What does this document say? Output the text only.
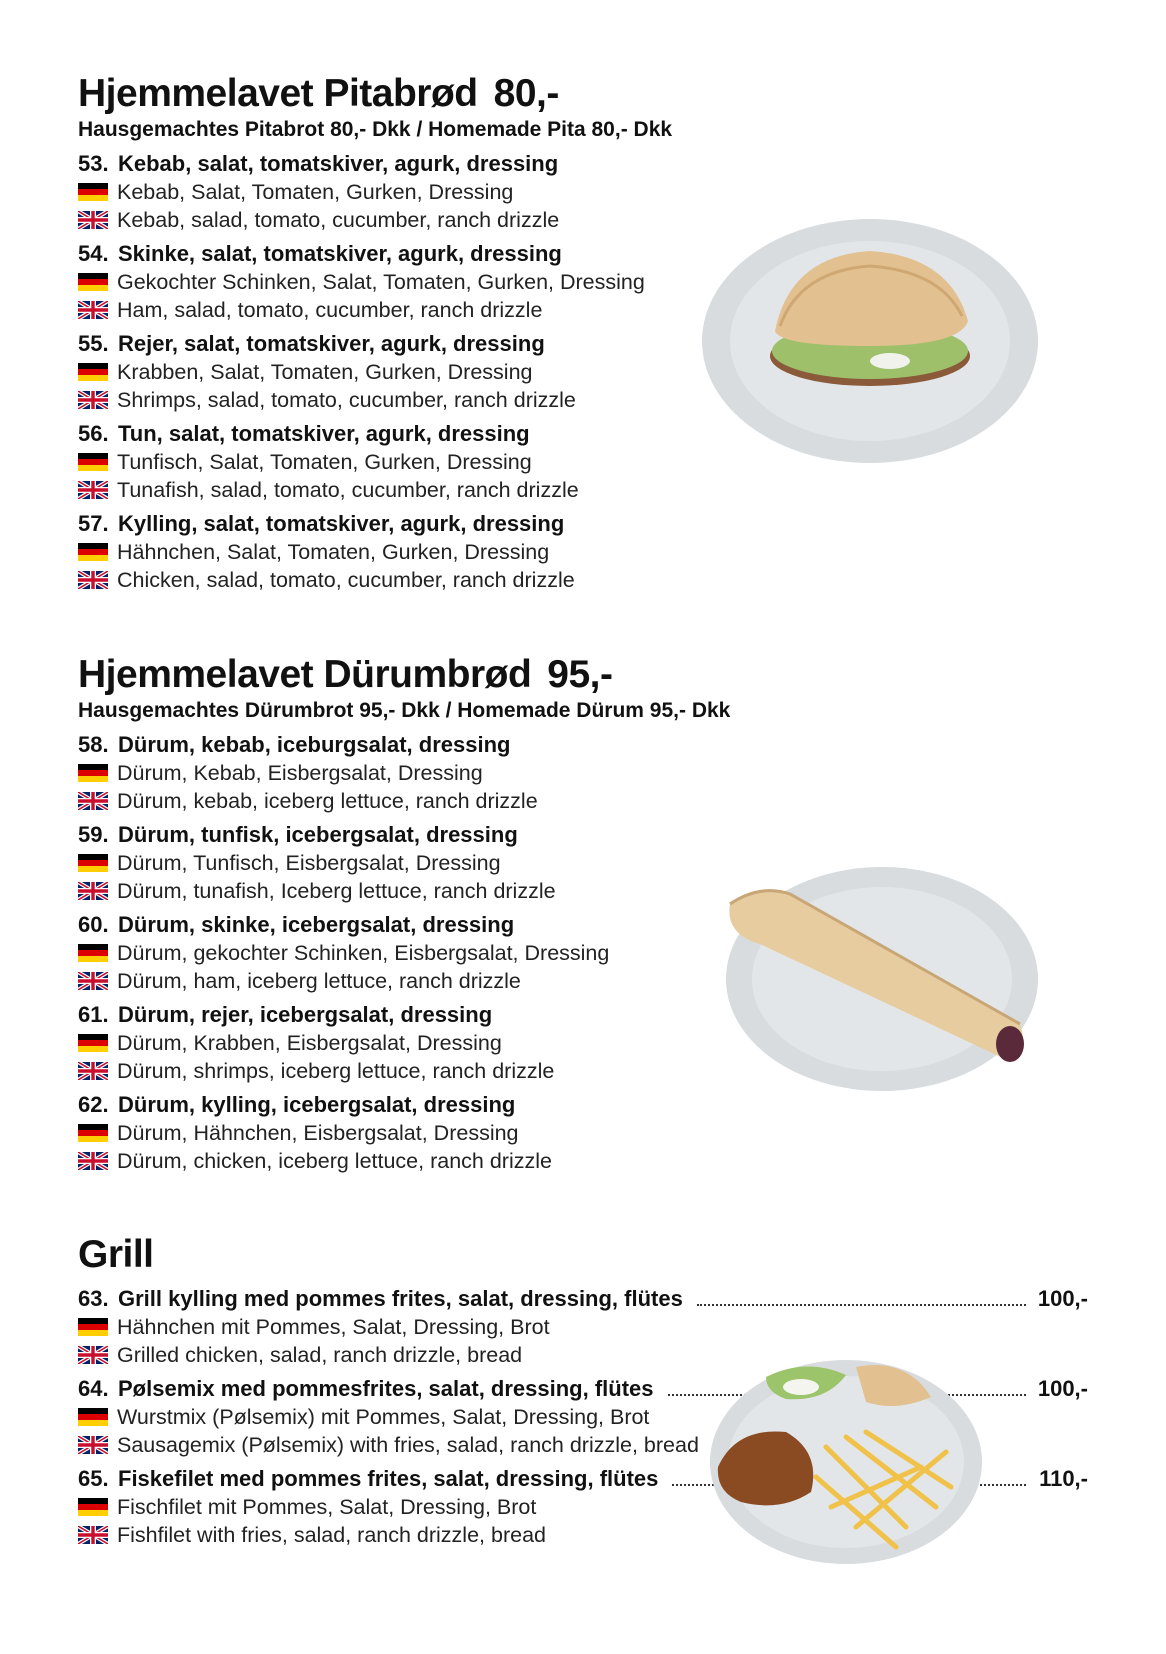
Hjemmelavet Pitabrød 80,-
Hausgemachtes Pitabrot 80,- Dkk / Homemade Pita 80,- Dkk
53. Kebab, salat, tomatskiver, agurk, dressing
Kebab, Salat, Tomaten, Gurken, Dressing
Kebab, salad, tomato, cucumber, ranch drizzle
54. Skinke, salat, tomatskiver, agurk, dressing
Gekochter Schinken, Salat, Tomaten, Gurken, Dressing
Ham, salad, tomato, cucumber, ranch drizzle
55. Rejer, salat, tomatskiver, agurk, dressing
Krabben, Salat, Tomaten, Gurken, Dressing
Shrimps, salad, tomato, cucumber, ranch drizzle
56. Tun, salat, tomatskiver, agurk, dressing
Tunfisch, Salat, Tomaten, Gurken, Dressing
Tunafish, salad, tomato, cucumber, ranch drizzle
57. Kylling, salat, tomatskiver, agurk, dressing
Hähnchen, Salat, Tomaten, Gurken, Dressing
Chicken, salad, tomato, cucumber, ranch drizzle
Hjemmelavet Dürumbrød 95,-
Hausgemachtes Dürumbrot 95,- Dkk / Homemade Dürum 95,- Dkk
58. Dürum, kebab, iceburgsalat, dressing
Dürum, Kebab, Eisbergsalat, Dressing
Dürum, kebab, iceberg lettuce, ranch drizzle
59. Dürum, tunfisk, icebergsalat, dressing
Dürum, Tunfisch, Eisbergsalat, Dressing
Dürum, tunafish, Iceberg lettuce, ranch drizzle
60. Dürum, skinke, icebergsalat, dressing
Dürum, gekochter Schinken, Eisbergsalat, Dressing
Dürum, ham, iceberg lettuce, ranch drizzle
61. Dürum, rejer, icebergsalat, dressing
Dürum, Krabben, Eisbergsalat, Dressing
Dürum, shrimps, iceberg lettuce, ranch drizzle
62. Dürum, kylling, icebergsalat, dressing
Dürum, Hähnchen, Eisbergsalat, Dressing
Dürum, chicken, iceberg lettuce, ranch drizzle
Grill
63. Grill kylling med pommes frites, salat, dressing, flütes	100,-
Hähnchen mit Pommes, Salat, Dressing, Brot
Grilled chicken, salad, ranch drizzle, bread
64. Pølsemix med pommesfrites, salat, dressing, flütes	100,-
Wurstmix (Pølsemix) mit Pommes, Salat, Dressing, Brot
Sausagemix (Pølsemix) with fries, salad, ranch drizzle, bread
65. Fiskefilet med pommes frites, salat, dressing, flütes	110,-
Fischfilet mit Pommes, Salat, Dressing, Brot
Fishfilet with fries, salad, ranch drizzle, bread
